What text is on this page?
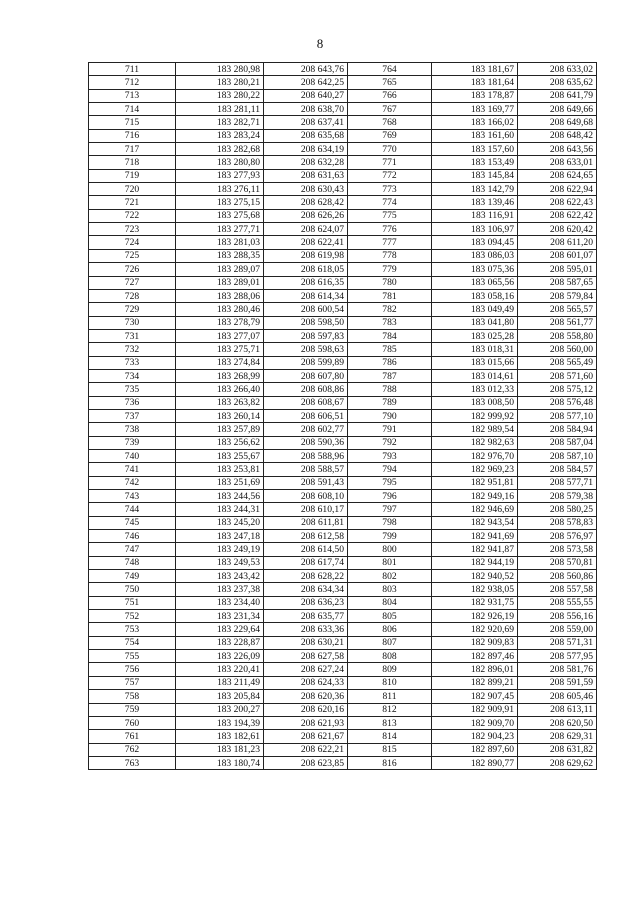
8
711	183 280,98	208 643,76	764	183 181,67	208 633,02
712	183 280,21	208 642,25	765	183 181,64	208 635,62
713	183 280,22	208 640,27	766	183 178,87	208 641,79
714	183 281,11	208 638,70	767	183 169,77	208 649,66
715	183 282,71	208 637,41	768	183 166,02	208 649,68
716	183 283,24	208 635,68	769	183 161,60	208 648,42
717	183 282,68	208 634,19	770	183 157,60	208 643,56
718	183 280,80	208 632,28	771	183 153,49	208 633,01
719	183 277,93	208 631,63	772	183 145,84	208 624,65
720	183 276,11	208 630,43	773	183 142,79	208 622,94
721	183 275,15	208 628,42	774	183 139,46	208 622,43
722	183 275,68	208 626,26	775	183 116,91	208 622,42
723	183 277,71	208 624,07	776	183 106,97	208 620,42
724	183 281,03	208 622,41	777	183 094,45	208 611,20
725	183 288,35	208 619,98	778	183 086,03	208 601,07
726	183 289,07	208 618,05	779	183 075,36	208 595,01
727	183 289,01	208 616,35	780	183 065,56	208 587,65
728	183 288,06	208 614,34	781	183 058,16	208 579,84
729	183 280,46	208 600,54	782	183 049,49	208 565,57
730	183 278,79	208 598,50	783	183 041,80	208 561,77
731	183 277,07	208 597,83	784	183 025,28	208 558,80
732	183 275,71	208 598,63	785	183 018,31	208 560,00
733	183 274,84	208 599,89	786	183 015,66	208 565,49
734	183 268,99	208 607,80	787	183 014,61	208 571,60
735	183 266,40	208 608,86	788	183 012,33	208 575,12
736	183 263,82	208 608,67	789	183 008,50	208 576,48
737	183 260,14	208 606,51	790	182 999,92	208 577,10
738	183 257,89	208 602,77	791	182 989,54	208 584,94
739	183 256,62	208 590,36	792	182 982,63	208 587,04
740	183 255,67	208 588,96	793	182 976,70	208 587,10
741	183 253,81	208 588,57	794	182 969,23	208 584,57
742	183 251,69	208 591,43	795	182 951,81	208 577,71
743	183 244,56	208 608,10	796	182 949,16	208 579,38
744	183 244,31	208 610,17	797	182 946,69	208 580,25
745	183 245,20	208 611,81	798	182 943,54	208 578,83
746	183 247,18	208 612,58	799	182 941,69	208 576,97
747	183 249,19	208 614,50	800	182 941,87	208 573,58
748	183 249,53	208 617,74	801	182 944,19	208 570,81
749	183 243,42	208 628,22	802	182 940,52	208 560,86
750	183 237,38	208 634,34	803	182 938,05	208 557,58
751	183 234,40	208 636,23	804	182 931,75	208 555,55
752	183 231,34	208 635,77	805	182 926,19	208 556,16
753	183 229,64	208 633,36	806	182 920,69	208 559,00
754	183 228,87	208 630,21	807	182 909,83	208 571,31
755	183 226,09	208 627,58	808	182 897,46	208 577,95
756	183 220,41	208 627,24	809	182 896,01	208 581,76
757	183 211,49	208 624,33	810	182 899,21	208 591,59
758	183 205,84	208 620,36	811	182 907,45	208 605,46
759	183 200,27	208 620,16	812	182 909,91	208 613,11
760	183 194,39	208 621,93	813	182 909,70	208 620,50
761	183 182,61	208 621,67	814	182 904,23	208 629,31
762	183 181,23	208 622,21	815	182 897,60	208 631,82
763	183 180,74	208 623,85	816	182 890,77	208 629,62
